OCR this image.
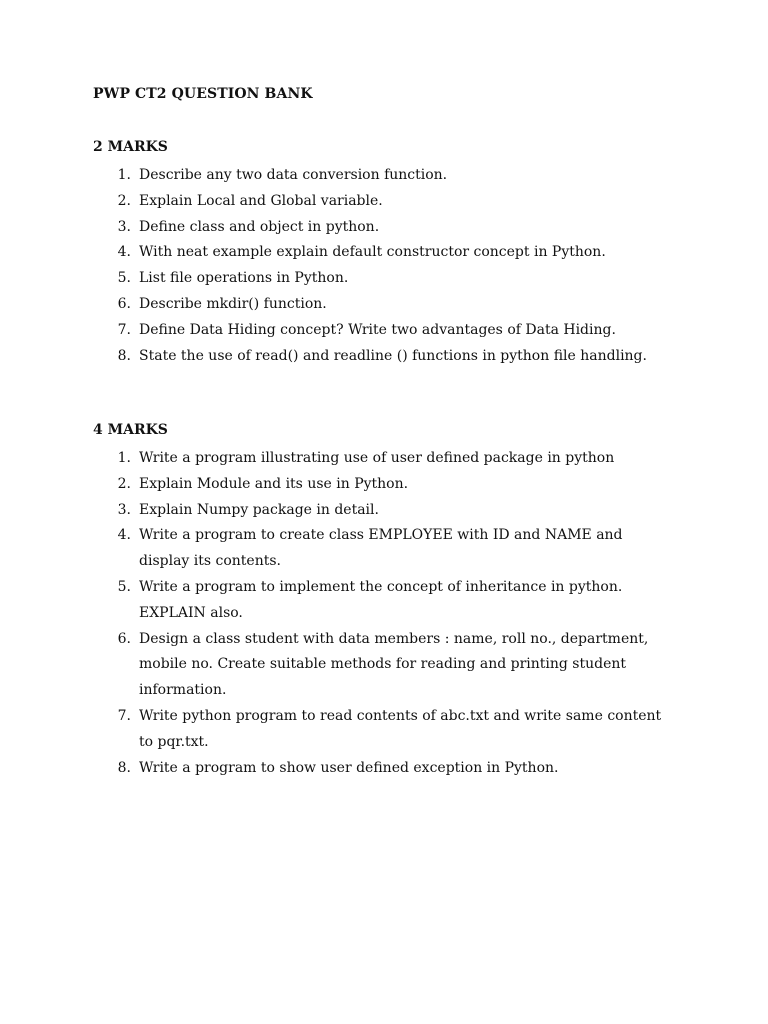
PWP CT2 QUESTION BANK
2 MARKS
1. Describe any two data conversion function.
2. Explain Local and Global variable.
3. Define class and object in python.
4. With neat example explain default constructor concept in Python.
5. List file operations in Python.
6. Describe mkdir() function.
7. Define Data Hiding concept? Write two advantages of Data Hiding.
8. State the use of read() and readline () functions in python file handling.
4 MARKS
1. Write a program illustrating use of user defined package in python
2. Explain Module and its use in Python.
3. Explain Numpy package in detail.
4. Write a program to create class EMPLOYEE with ID and NAME and display its contents.
5. Write a program to implement the concept of inheritance in python. EXPLAIN also.
6. Design a class student with data members : name, roll no., department, mobile no. Create suitable methods for reading and printing student information.
7. Write python program to read contents of abc.txt and write same content to pqr.txt.
8. Write a program to show user defined exception in Python.
